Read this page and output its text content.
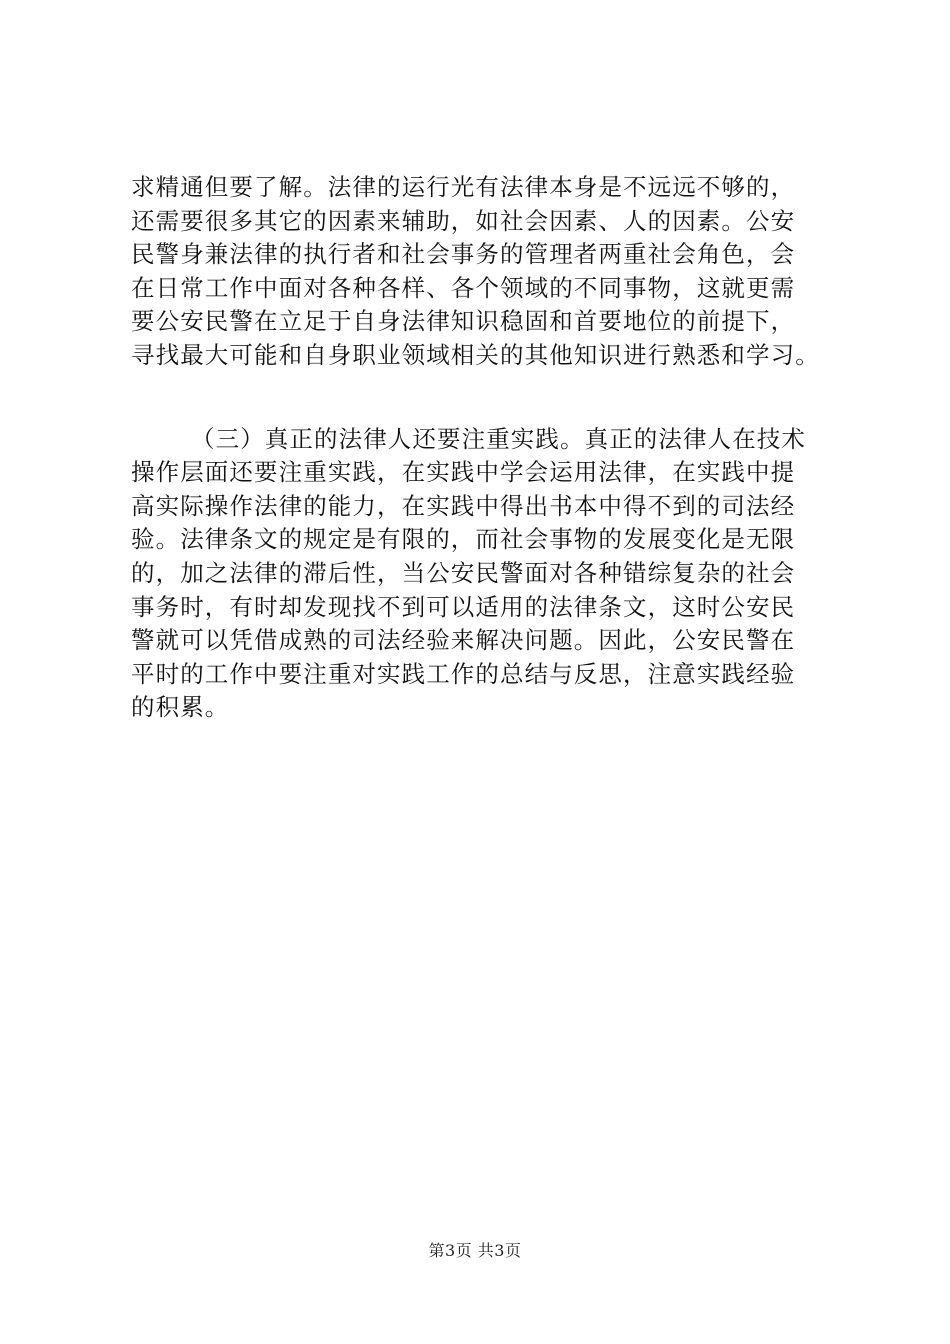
求精通但要了解。法律的运行光有法律本身是不远远不够的，
还需要很多其它的因素来辅助，如社会因素、人的因素。公安
民警身兼法律的执行者和社会事务的管理者两重社会角色，会
在日常工作中面对各种各样、各个领域的不同事物，这就更需
要公安民警在立足于自身法律知识稳固和首要地位的前提下，
寻找最大可能和自身职业领域相关的其他知识进行熟悉和学习。

（三）真正的法律人还要注重实践。真正的法律人在技术
操作层面还要注重实践，在实践中学会运用法律，在实践中提
高实际操作法律的能力，在实践中得出书本中得不到的司法经
验。法律条文的规定是有限的，而社会事物的发展变化是无限
的，加之法律的滞后性，当公安民警面对各种错综复杂的社会
事务时，有时却发现找不到可以适用的法律条文，这时公安民
警就可以凭借成熟的司法经验来解决问题。因此，公安民警在
平时的工作中要注重对实践工作的总结与反思，注意实践经验
的积累。

第3页 共3页
